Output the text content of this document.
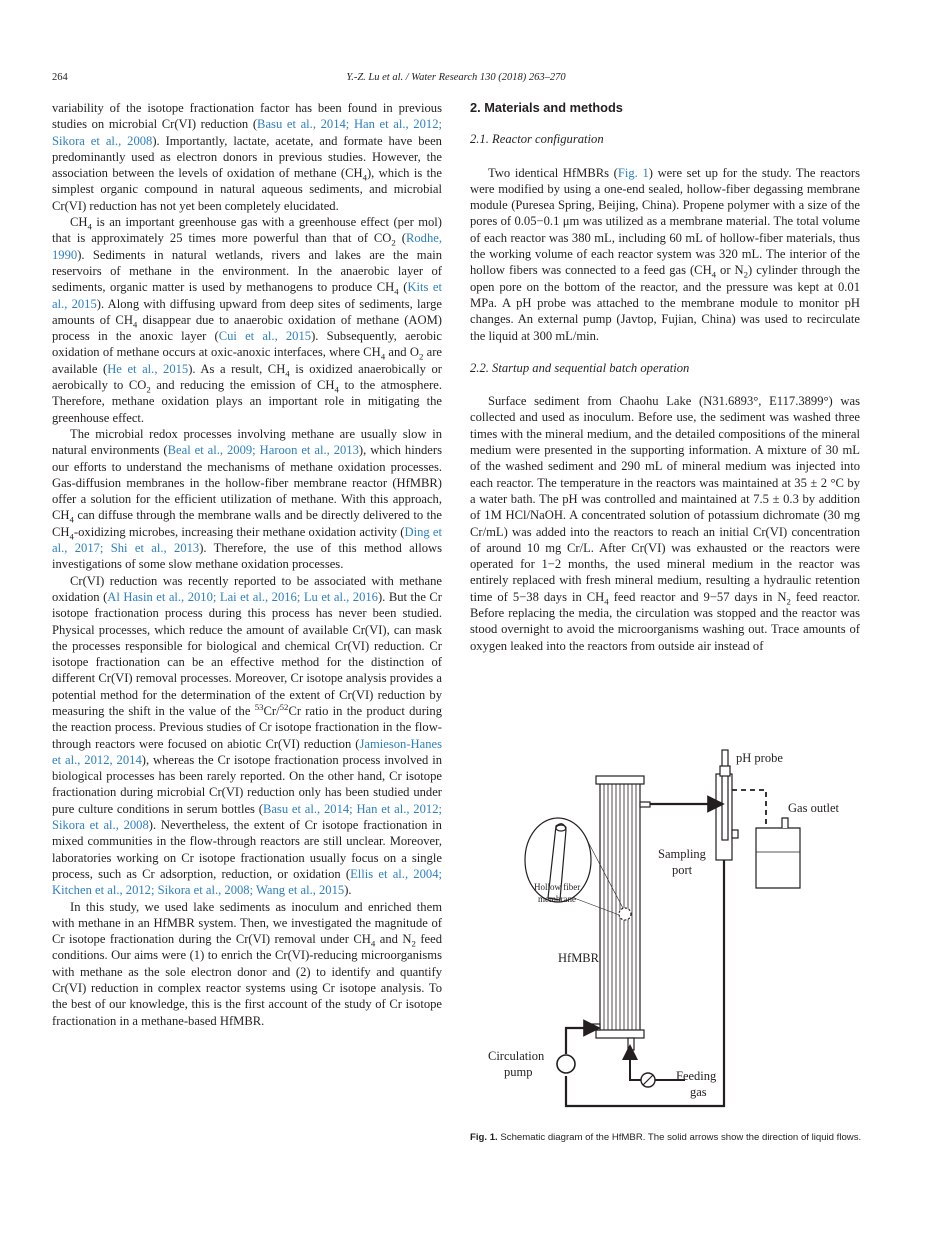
264	Y.-Z. Lu et al. / Water Research 130 (2018) 263–270

variability of the isotope fractionation factor has been found in previous studies on microbial Cr(VI) reduction (Basu et al., 2014; Han et al., 2012; Sikora et al., 2008). Importantly, lactate, acetate, and formate have been predominantly used as electron donors in previous studies. However, the association between the levels of oxidation of methane $(CH_4)$, which is the simplest organic compound in natural aqueous sediments, and microbial Cr(VI) reduction has not yet been completely elucidated.

$CH_4$ is an important greenhouse gas with a greenhouse effect (per mol) that is approximately 25 times more powerful than that of $CO_2$ (Rodhe, 1990). Sediments in natural wetlands, rivers and lakes are the main reservoirs of methane in the environment. In the anaerobic layer of sediments, organic matter is used by methanogens to produce $CH_4$ (Kits et al., 2015). Along with diffusing upward from deep sites of sediments, large amounts of $CH_4$ disappear due to anaerobic oxidation of methane (AOM) process in the anoxic layer (Cui et al., 2015). Subsequently, aerobic oxidation of methane occurs at oxic-anoxic interfaces, where $CH_4$ and $O_2$ are available (He et al., 2015). As a result, $CH_4$ is oxidized anaerobically or aerobically to $CO_2$ and reducing the emission of $CH_4$ to the atmosphere. Therefore, methane oxidation plays an important role in mitigating the greenhouse effect.

The microbial redox processes involving methane are usually slow in natural environments (Beal et al., 2009; Haroon et al., 2013), which hinders our efforts to understand the mechanisms of methane oxidation processes. Gas-diffusion membranes in the hollow-fiber membrane reactor (HfMBR) offer a solution for the efficient utilization of methane. With this approach, $CH_4$ can diffuse through the membrane walls and be directly delivered to the $CH_4$-oxidizing microbes, increasing their methane oxidation activity (Ding et al., 2017; Shi et al., 2013). Therefore, the use of this method allows investigations of some slow methane oxidation processes.

Cr(VI) reduction was recently reported to be associated with methane oxidation (Al Hasin et al., 2010; Lai et al., 2016; Lu et al., 2016). But the Cr isotope fractionation process during this process has never been studied. Physical processes, which reduce the amount of available Cr(VI), can mask the processes responsible for biological and chemical Cr(VI) reduction. Cr isotope fractionation can be an effective method for the distinction of different Cr(VI) removal processes. Moreover, Cr isotope analysis provides a potential method for the determination of the extent of Cr(VI) reduction by measuring the shift in the value of the $^{53}$Cr/$^{52}$Cr ratio in the product during the reaction process. Previous studies of Cr isotope fractionation in the flow-through reactors were focused on abiotic Cr(VI) reduction (Jamieson-Hanes et al., 2012, 2014), whereas the Cr isotope fractionation process involved in biological processes has been rarely reported. On the other hand, Cr isotope fractionation during microbial Cr(VI) reduction only has been studied under pure culture conditions in serum bottles (Basu et al., 2014; Han et al., 2012; Sikora et al., 2008). Nevertheless, the extent of Cr isotope fractionation in mixed communities in the flow-through reactors are still unclear. Moreover, laboratories working on Cr isotope fractionation usually focus on a single process, such as Cr adsorption, reduction, or oxidation (Ellis et al., 2004; Kitchen et al., 2012; Sikora et al., 2008; Wang et al., 2015).

In this study, we used lake sediments as inoculum and enriched them with methane in an HfMBR system. Then, we investigated the magnitude of Cr isotope fractionation during the Cr(VI) removal under $CH_4$ and $N_2$ feed conditions. Our aims were (1) to enrich the Cr(VI)-reducing microorganisms with methane as the sole electron donor and (2) to identify and quantify Cr(VI) reduction in complex reactor systems using Cr isotope analysis. To the best of our knowledge, this is the first account of the study of Cr isotope fractionation in a methane-based HfMBR.

2. Materials and methods
2.1. Reactor configuration

Two identical HfMBRs (Fig. 1) were set up for the study. The reactors were modified by using a one-end sealed, hollow-fiber degassing membrane module (Puresea Spring, Beijing, China). Propene polymer with a size of the pores of 0.05−0.1 μm was utilized as a membrane material. The total volume of each reactor was 380 mL, including 60 mL of hollow-fiber materials, thus the working volume of each reactor system was 320 mL. The interior of the hollow fibers was connected to a feed gas ($CH_4$ or $N_2$) cylinder through the open pore on the bottom of the reactor, and the pressure was kept at 0.01 MPa. A pH probe was attached to the membrane module to monitor pH changes. An external pump (Javtop, Fujian, China) was used to recirculate the liquid at 300 mL/min.

2.2. Startup and sequential batch operation

Surface sediment from Chaohu Lake (N31.6893°, E117.3899°) was collected and used as inoculum. Before use, the sediment was washed three times with the mineral medium, and the detailed compositions of the mineral medium were presented in the supporting information. A mixture of 30 mL of the washed sediment and 290 mL of mineral medium was injected into each reactor. The temperature in the reactors was maintained at 35 ± 2 °C by a water bath. The pH was controlled and maintained at 7.5 ± 0.3 by addition of 1M HCl/NaOH. A concentrated solution of potassium dichromate (30 mg Cr/mL) was added into the reactors to reach an initial Cr(VI) concentration of around 10 mg Cr/L. After Cr(VI) was exhausted or the reactors were operated for 1−2 months, the used mineral medium in the reactor was entirely replaced with fresh mineral medium, resulting a hydraulic retention time of 5−38 days in $CH_4$ feed reactor and 9−57 days in $N_2$ feed reactor. Before replacing the media, the circulation was stopped and the reactor was stood overnight to avoid the microorganisms washing out. Trace amounts of oxygen leaked into the reactors from outside air instead of

pH probe
Gas outlet
Sampling
port
Hollow fiber
membrane
HfMBR
Circulation
pump	Feeding
gas
Fig. 1. Schematic diagram of the HfMBR. The solid arrows show the direction of liquid flows.
